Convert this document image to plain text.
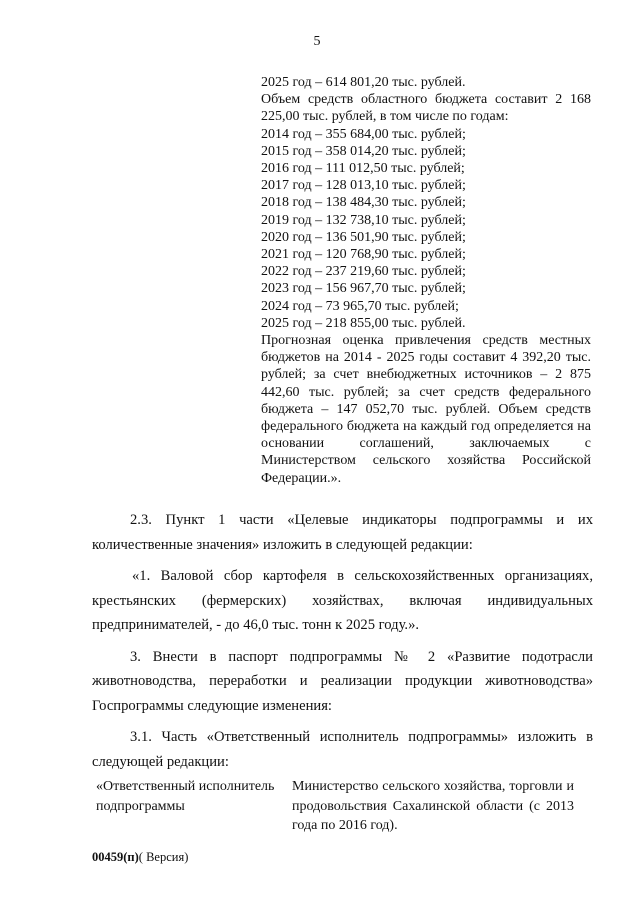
5
2025 год – 614 801,20 тыс. рублей.
Объем средств областного бюджета составит 2 168 225,00 тыс. рублей, в том числе по годам:
2014 год – 355 684,00 тыс. рублей;
2015 год – 358 014,20 тыс. рублей;
2016 год – 111 012,50 тыс. рублей;
2017 год – 128 013,10 тыс. рублей;
2018 год – 138 484,30 тыс. рублей;
2019 год – 132 738,10 тыс. рублей;
2020 год – 136 501,90 тыс. рублей;
2021 год – 120 768,90 тыс. рублей;
2022 год – 237 219,60 тыс. рублей;
2023 год – 156 967,70 тыс. рублей;
2024 год – 73 965,70 тыс. рублей;
2025 год – 218 855,00 тыс. рублей.
Прогнозная оценка привлечения средств местных бюджетов на 2014 - 2025 годы составит 4 392,20 тыс. рублей; за счет внебюджетных источников – 2 875 442,60 тыс. рублей; за счет средств федерального бюджета – 147 052,70 тыс. рублей. Объем средств федерального бюджета на каждый год определяется на основании соглашений, заключаемых с Министерством сельского хозяйства Российской Федерации.».

2.3. Пункт 1 части «Целевые индикаторы подпрограммы и их количественные значения» изложить в следующей редакции:

«1. Валовой сбор картофеля в сельскохозяйственных организациях, крестьянских (фермерских) хозяйствах, включая индивидуальных предпринимателей, - до 46,0 тыс. тонн к 2025 году.».

3. Внести в паспорт подпрограммы № 2 «Развитие подотрасли животноводства, переработки и реализации продукции животноводства» Госпрограммы следующие изменения:

3.1. Часть «Ответственный исполнитель подпрограммы» изложить в следующей редакции:

«Ответственный исполнитель подпрограммы
Министерство сельского хозяйства, торговли и продовольствия Сахалинской области (с 2013 года по 2016 год).
00459(п)( Версия)
